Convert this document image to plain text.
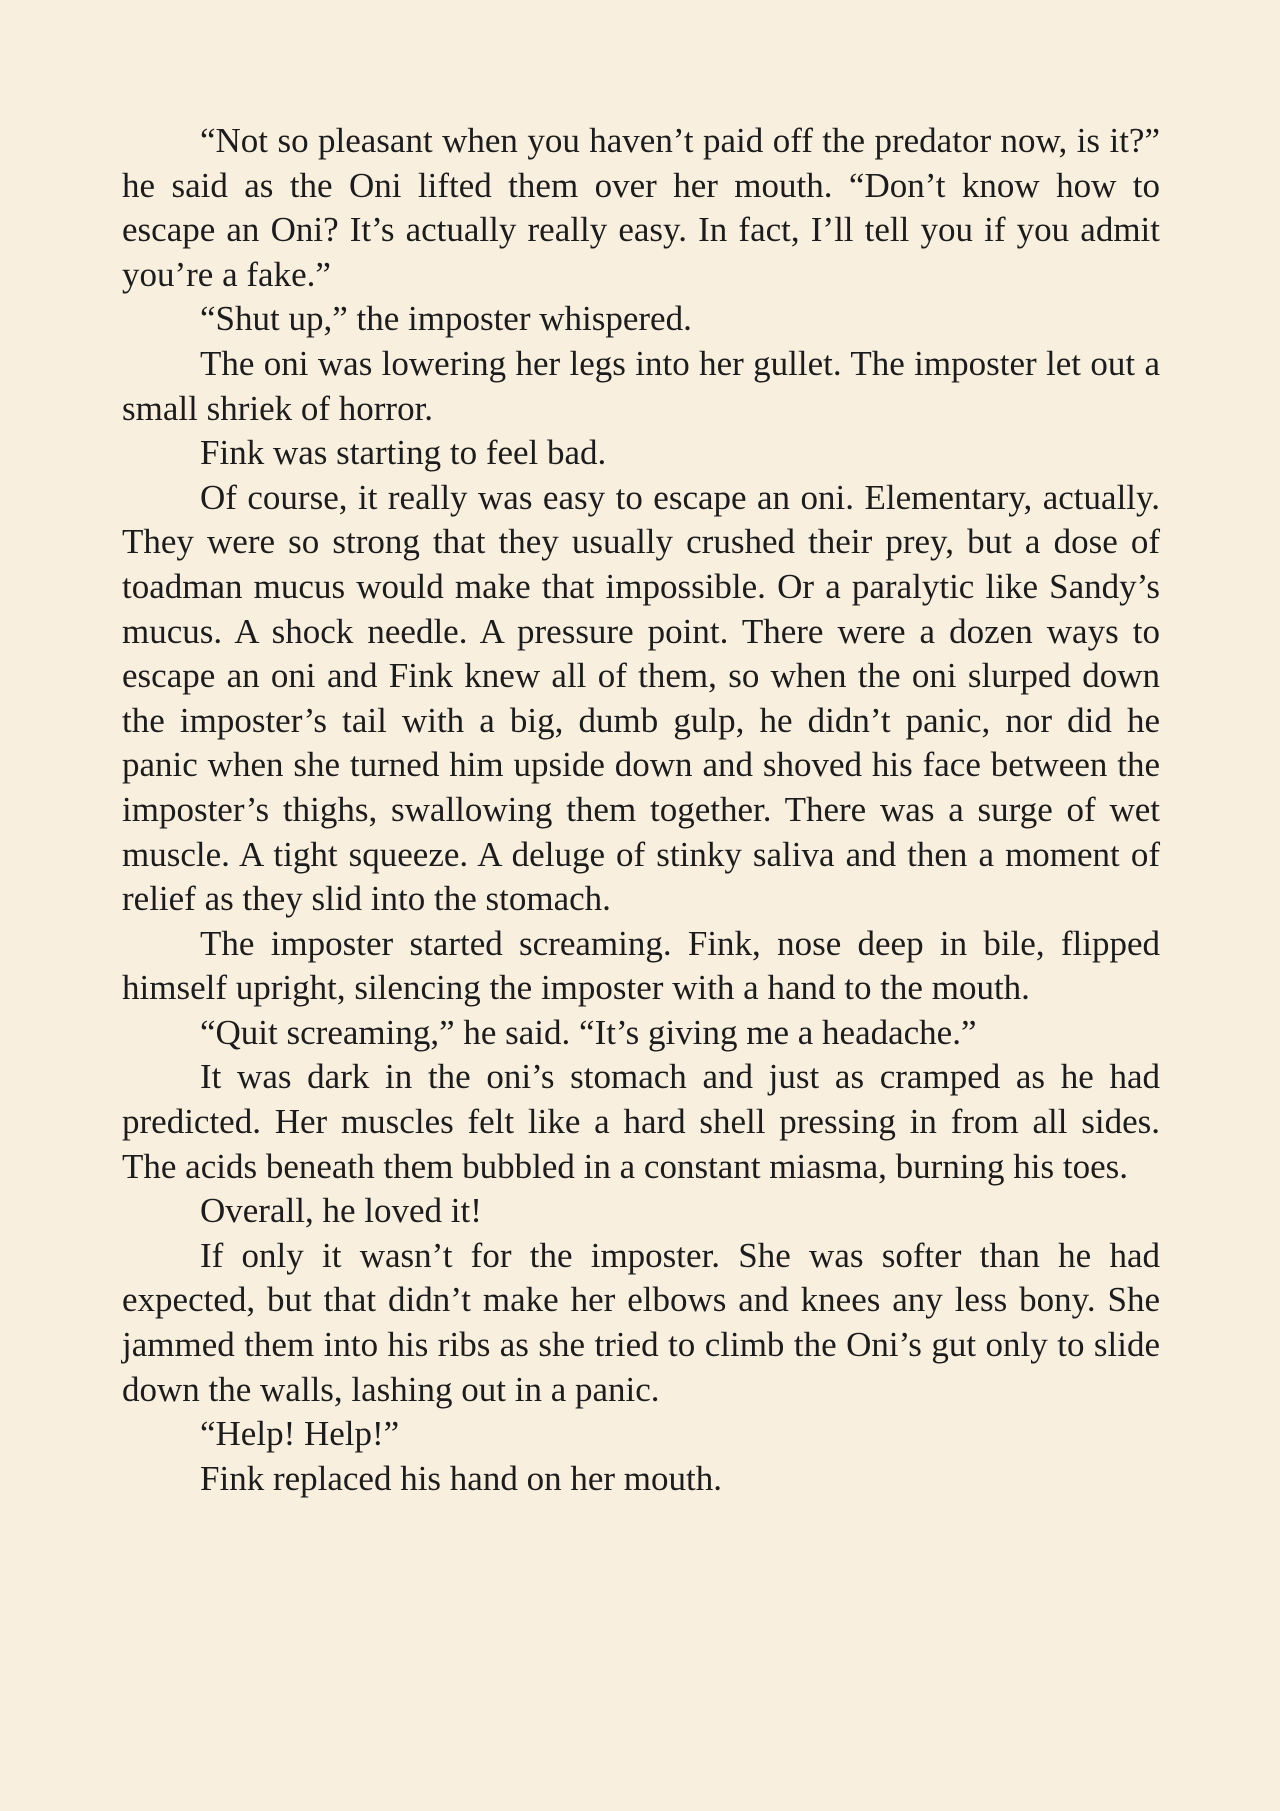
“Not so pleasant when you haven’t paid off the predator now, is it?” he said as the Oni lifted them over her mouth. “Don’t know how to escape an Oni? It’s actually really easy. In fact, I’ll tell you if you admit you’re a fake.”

“Shut up,” the imposter whispered.

The oni was lowering her legs into her gullet. The imposter let out a small shriek of horror.

Fink was starting to feel bad.

Of course, it really was easy to escape an oni. Elementary, actually. They were so strong that they usually crushed their prey, but a dose of toadman mucus would make that impossible. Or a paralytic like Sandy’s mucus. A shock needle. A pressure point. There were a dozen ways to escape an oni and Fink knew all of them, so when the oni slurped down the imposter’s tail with a big, dumb gulp, he didn’t panic, nor did he panic when she turned him upside down and shoved his face between the imposter’s thighs, swallowing them together. There was a surge of wet muscle. A tight squeeze. A deluge of stinky saliva and then a moment of relief as they slid into the stomach.

The imposter started screaming. Fink, nose deep in bile, flipped himself upright, silencing the imposter with a hand to the mouth.

“Quit screaming,” he said. “It’s giving me a headache.”

It was dark in the oni’s stomach and just as cramped as he had predicted. Her muscles felt like a hard shell pressing in from all sides. The acids beneath them bubbled in a constant miasma, burning his toes.

Overall, he loved it!

If only it wasn’t for the imposter. She was softer than he had expected, but that didn’t make her elbows and knees any less bony. She jammed them into his ribs as she tried to climb the Oni’s gut only to slide down the walls, lashing out in a panic.

“Help! Help!”

Fink replaced his hand on her mouth.
